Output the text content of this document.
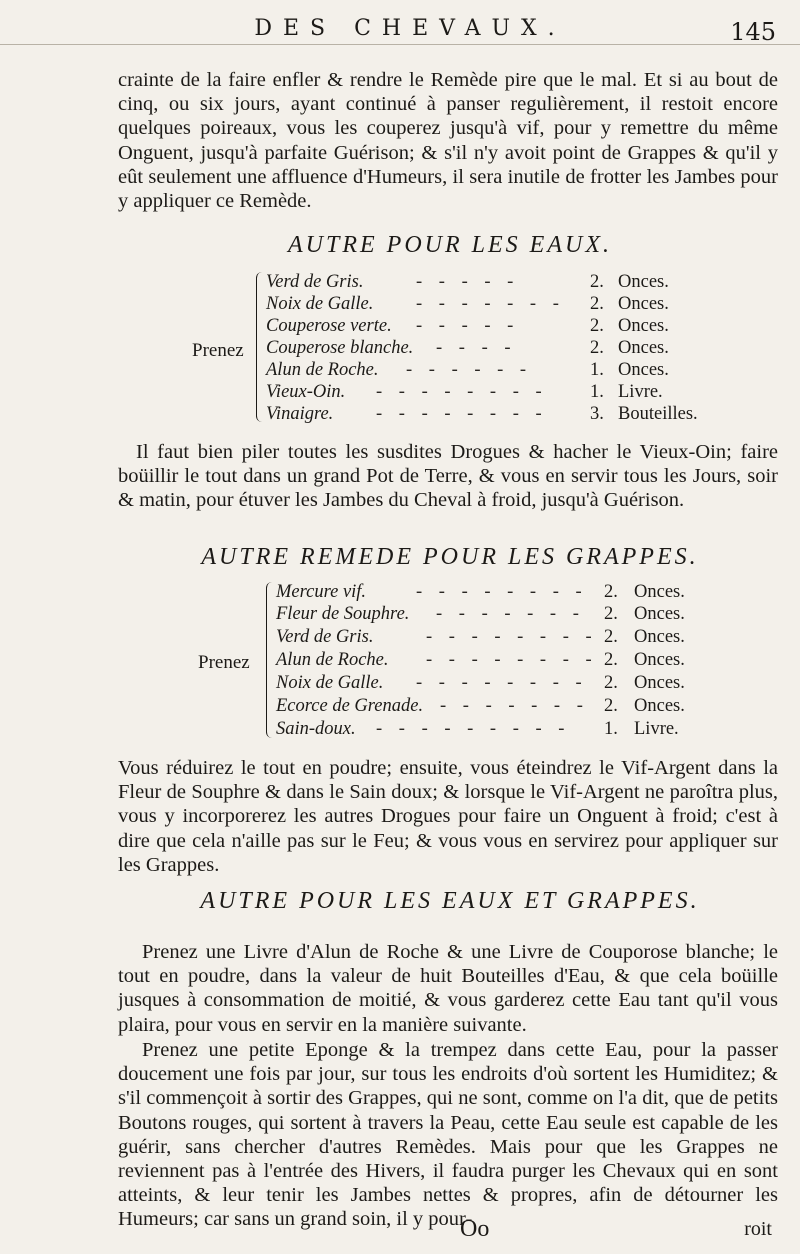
DES CHEVAUX.	145
crainte de la faire enfler & rendre le Remède pire que le mal. Et si au bout de cinq, ou six jours, ayant continué à panser regulièrement, il restoit encore quelques poireaux, vous les couperez jusqu'à vif, pour y remettre du même Onguent, jusqu'à parfaite Guérison; & s'il n'y avoit point de Grappes & qu'il y eût seulement une affluence d'Humeurs, il sera inutile de frotter les Jambes pour y appliquer ce Remède.
AUTRE POUR LES EAUX.
Prenez
Verd de Gris.	- - - - -	2. Onces.
Noix de Galle. - - - - - - - 2. Onces.
Couperose verte. - - - - -	2. Onces.
Couperose blanche. - - - -	2. Onces.
Alun de Roche. - - - - - -	1. Onces.
Vieux-Oin. - - - - - - - - 1. Livre.
Vinaigre. - - - - - - - - 3. Bouteilles.
Il faut bien piler toutes les susdites Drogues & hacher le Vieux-Oin; faire boüillir le tout dans un grand Pot de Terre, & vous en servir tous les Jours, soir & matin, pour étuver les Jambes du Cheval à froid, jusqu'à Guérison.
AUTRE REMEDE POUR LES GRAPPES.
Prenez
Mercure vif.	- - - - - - - - 2. Onces.
Fleur de Souphre. - - - - - - - 2. Onces.
Verd de Gris.	- - - - - - - - 2. Onces.
Alun de Roche. - - - - - - - - 2. Onces.
Noix de Galle. - - - - - - - - 2. Onces.
Ecorce de Grenade. - - - - - - - 2. Onces.
Sain-doux. - - - - - - - - - 1. Livre.
Vous réduirez le tout en poudre; ensuite, vous éteindrez le Vif-Argent dans la Fleur de Souphre & dans le Sain doux; & lorsque le Vif-Argent ne paroîtra plus, vous y incorporerez les autres Drogues pour faire un Onguent à froid; c'est à dire que cela n'aille pas sur le Feu; & vous vous en servirez pour appliquer sur les Grappes.
AUTRE POUR LES EAUX ET GRAPPES.
Prenez une Livre d'Alun de Roche & une Livre de Couporose blanche; le tout en poudre, dans la valeur de huit Bouteilles d'Eau, & que cela boüille jusques à consommation de moitié, & vous garderez cette Eau tant qu'il vous plaira, pour vous en servir en la manière suivante.
Prenez une petite Eponge & la trempez dans cette Eau, pour la passer doucement une fois par jour, sur tous les endroits d'où sortent les Humiditez; & s'il commençoit à sortir des Grappes, qui ne sont, comme on l'a dit, que de petits Boutons rouges, qui sortent à travers la Peau, cette Eau seule est capable de les guérir, sans chercher d'autres Remèdes. Mais pour que les Grappes ne reviennent pas à l'entrée des Hivers, il faudra purger les Chevaux qui en sont atteints, & leur tenir les Jambes nettes & propres, afin de détourner les Humeurs; car sans un grand soin, il y pour-
Oo	roit
